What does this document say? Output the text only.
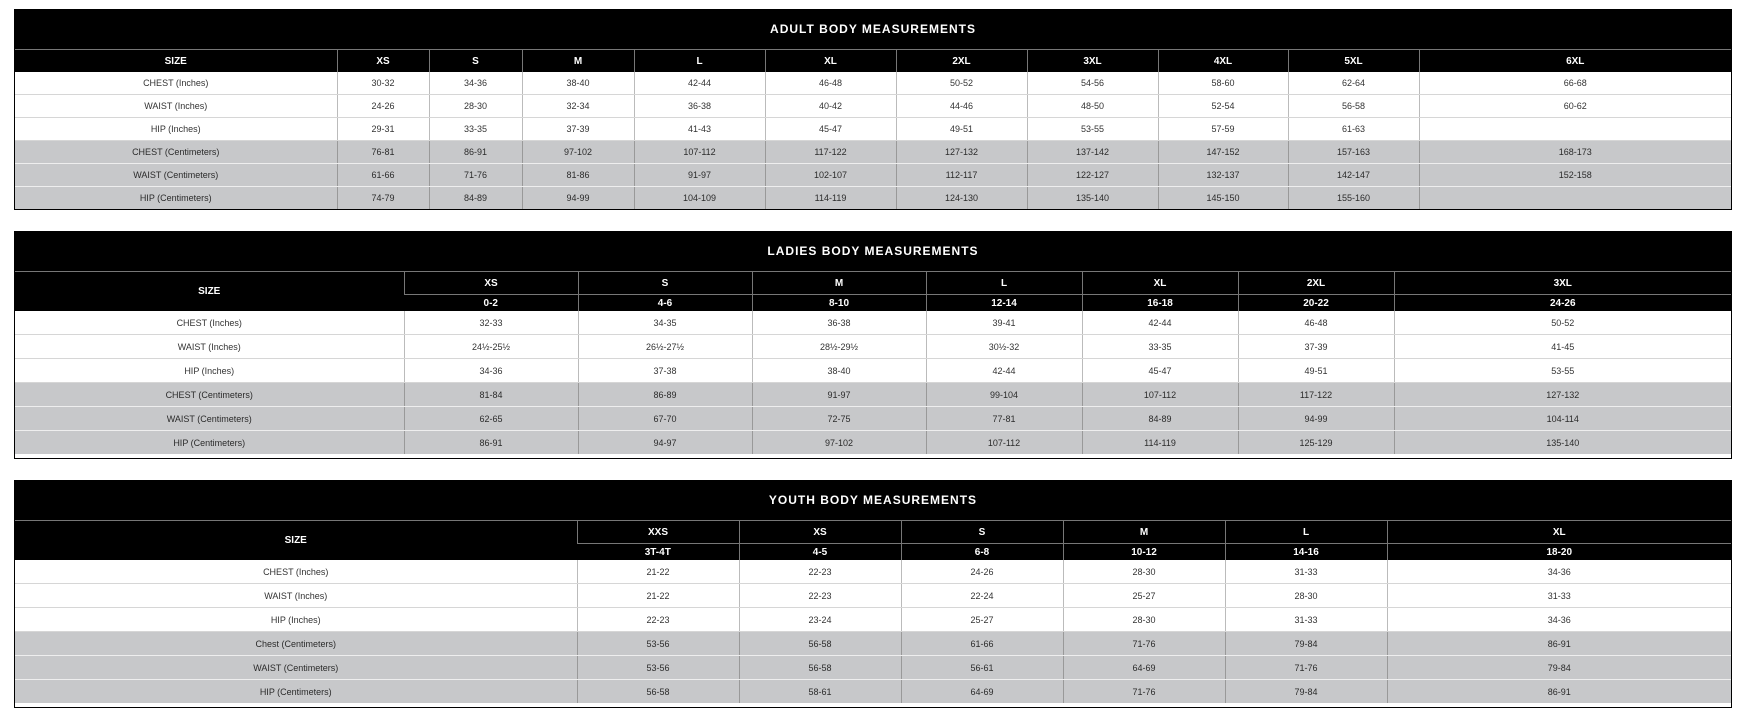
ADULT BODY MEASUREMENTS
SIZE	XS	S	M	L	XL	2XL	3XL	4XL	5XL	6XL
CHEST (Inches)	30-32	34-36	38-40	42-44	46-48	50-52	54-56	58-60	62-64	66-68
WAIST (Inches)	24-26	28-30	32-34	36-38	40-42	44-46	48-50	52-54	56-58	60-62
HIP (Inches)	29-31	33-35	37-39	41-43	45-47	49-51	53-55	57-59	61-63	
CHEST (Centimeters)	76-81	86-91	97-102	107-112	117-122	127-132	137-142	147-152	157-163	168-173
WAIST (Centimeters)	61-66	71-76	81-86	91-97	102-107	112-117	122-127	132-137	142-147	152-158
HIP (Centimeters)	74-79	84-89	94-99	104-109	114-119	124-130	135-140	145-150	155-160	
LADIES BODY MEASUREMENTS
SIZE	XS	S	M	L	XL	2XL	3XL
	0-2	4-6	8-10	12-14	16-18	20-22	24-26
CHEST (Inches)	32-33	34-35	36-38	39-41	42-44	46-48	50-52
WAIST (Inches)	24½-25½	26½-27½	28½-29½	30½-32	33-35	37-39	41-45
HIP (Inches)	34-36	37-38	38-40	42-44	45-47	49-51	53-55
CHEST (Centimeters)	81-84	86-89	91-97	99-104	107-112	117-122	127-132
WAIST (Centimeters)	62-65	67-70	72-75	77-81	84-89	94-99	104-114
HIP (Centimeters)	86-91	94-97	97-102	107-112	114-119	125-129	135-140
YOUTH BODY MEASUREMENTS
SIZE	XXS	XS	S	M	L	XL
	3T-4T	4-5	6-8	10-12	14-16	18-20
CHEST (Inches)	21-22	22-23	24-26	28-30	31-33	34-36
WAIST (Inches)	21-22	22-23	22-24	25-27	28-30	31-33
HIP (Inches)	22-23	23-24	25-27	28-30	31-33	34-36
Chest (Centimeters)	53-56	56-58	61-66	71-76	79-84	86-91
WAIST (Centimeters)	53-56	56-58	56-61	64-69	71-76	79-84
HIP (Centimeters)	56-58	58-61	64-69	71-76	79-84	86-91
